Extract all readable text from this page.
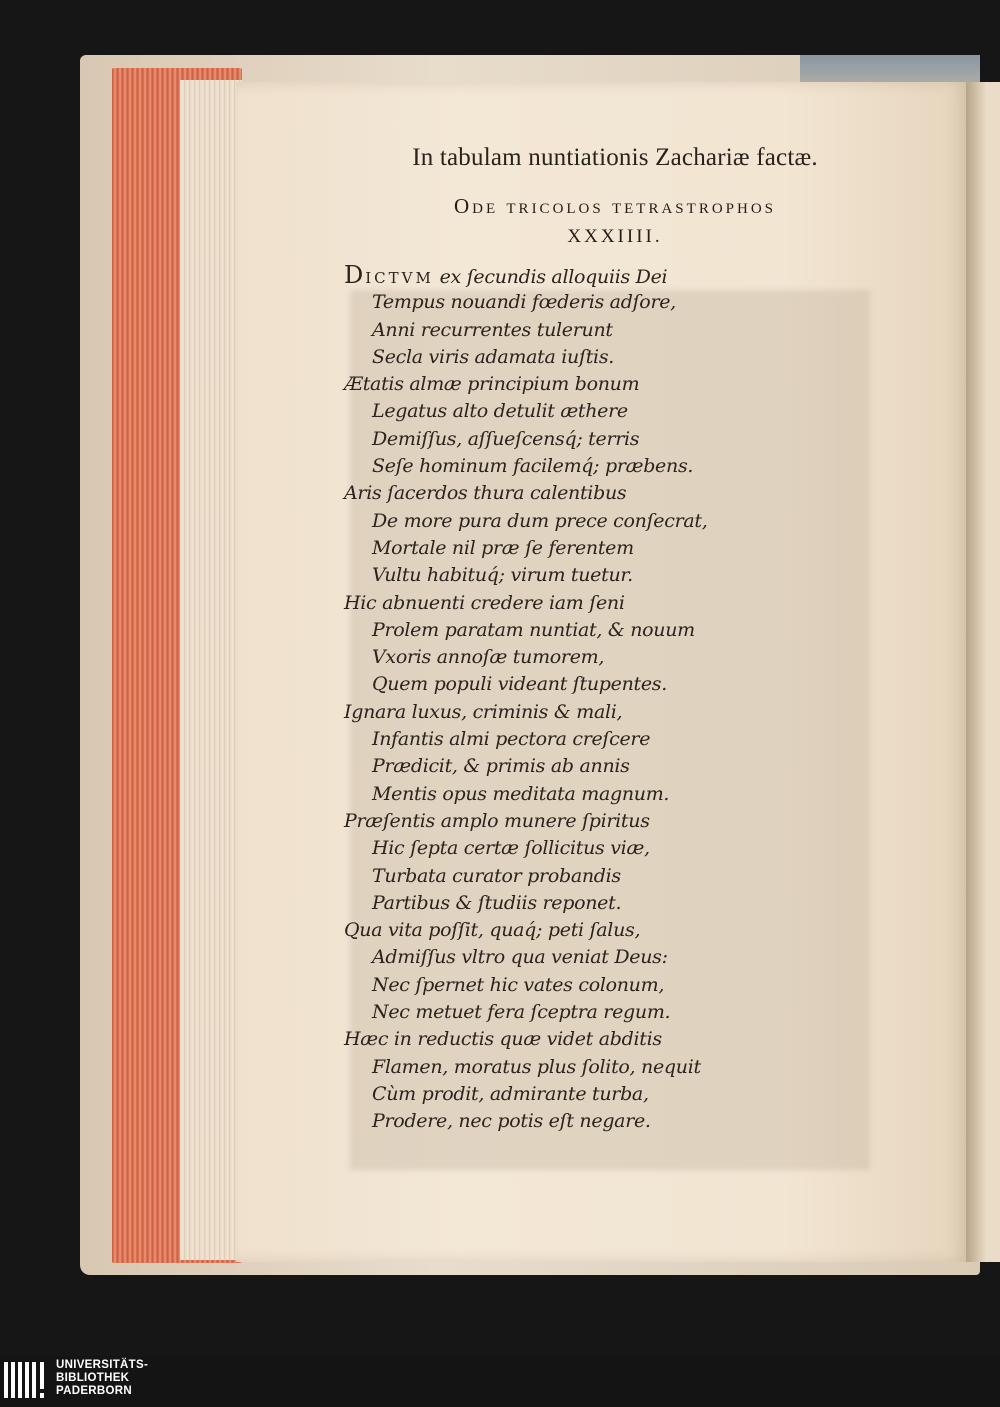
In tabulam nuntiationis Zachariæ factæ.
Ode tricolos tetrastrophos
XXXIIII.
DICTVM ex ſecundis alloquiis Dei
Tempus nouandi fœderis adſore,
Anni recurrentes tulerunt
Secla viris adamata iuſtis.
Ætatis almæ principium bonum
Legatus alto detulit æthere
Demiſſus, aſſueſcensq́; terris
Seſe hominum facilemq́; præbens.
Aris ſacerdos thura calentibus
De more pura dum prece conſecrat,
Mortale nil præ ſe ferentem
Vultu habituq́; virum tuetur.
Hic abnuenti credere iam ſeni
Prolem paratam nuntiat, & nouum
Vxoris annoſæ tumorem,
Quem populi videant ſtupentes.
Ignara luxus, criminis & mali,
Infantis almi pectora creſcere
Prædicit, & primis ab annis
Mentis opus meditata magnum.
Præſentis amplo munere ſpiritus
Hic ſepta certæ ſollicitus viæ,
Turbata curator probandis
Partibus & ſtudiis reponet.
Qua vita poſſit, quaq́; peti ſalus,
Admiſſus vltro qua veniat Deus:
Nec ſpernet hic vates colonum,
Nec metuet fera ſceptra regum.
Hæc in reductis quæ videt abditis
Flamen, moratus plus ſolito, nequit
Cùm prodit, admirante turba,
Prodere, nec potis eſt negare.
UNIVERSITÄTS-
BIBLIOTHEK
PADERBORN
